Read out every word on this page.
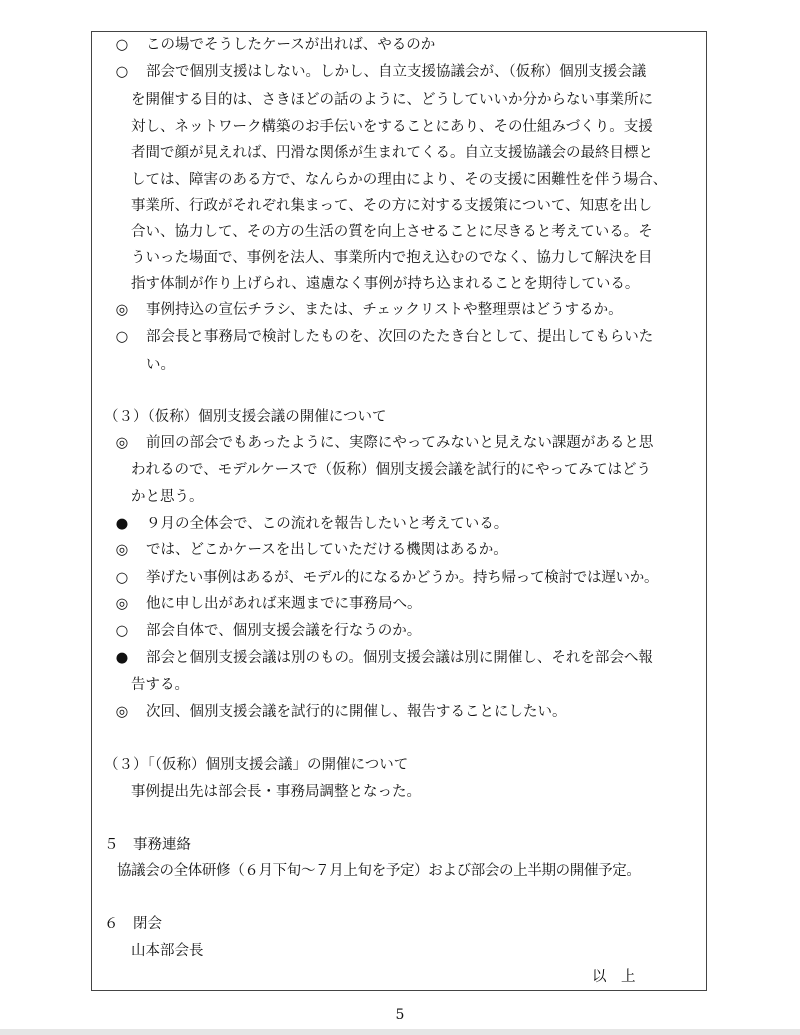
○	この場でそうしたケースが出れば、やるのか
○	部会で個別支援はしない。しかし、自立支援協議会が、（仮称）個別支援会議
を開催する目的は、さきほどの話のように、どうしていいか分からない事業所に
対し、ネットワーク構築のお手伝いをすることにあり、その仕組みづくり。支援
者間で顔が見えれば、円滑な関係が生まれてくる。自立支援協議会の最終目標と
しては、障害のある方で、なんらかの理由により、その支援に困難性を伴う場合、
事業所、行政がそれぞれ集まって、その方に対する支援策について、知恵を出し
合い、協力して、その方の生活の質を向上させることに尽きると考えている。そ
ういった場面で、事例を法人、事業所内で抱え込むのでなく、協力して解決を目
指す体制が作り上げられ、遠慮なく事例が持ち込まれることを期待している。
◎	事例持込の宣伝チラシ、または、チェックリストや整理票はどうするか。
○	部会長と事務局で検討したものを、次回のたたき台として、提出してもらいた
い。
（３）（仮称）個別支援会議の開催について
◎	前回の部会でもあったように、実際にやってみないと見えない課題があると思
われるので、モデルケースで（仮称）個別支援会議を試行的にやってみてはどう
かと思う。
●	９月の全体会で、この流れを報告したいと考えている。
◎	では、どこかケースを出していただける機関はあるか。
○	挙げたい事例はあるが、モデル的になるかどうか。持ち帰って検討では遅いか。
◎	他に申し出があれば来週までに事務局へ。
○	部会自体で、個別支援会議を行なうのか。
●	部会と個別支援会議は別のもの。個別支援会議は別に開催し、それを部会へ報
告する。
◎	次回、個別支援会議を試行的に開催し、報告することにしたい。
（３）「（仮称）個別支援会議」の開催について
事例提出先は部会長・事務局調整となった。
５　事務連絡
協議会の全体研修（６月下旬～７月上旬を予定）および部会の上半期の開催予定。
６　閉会
山本部会長
以　上
5
